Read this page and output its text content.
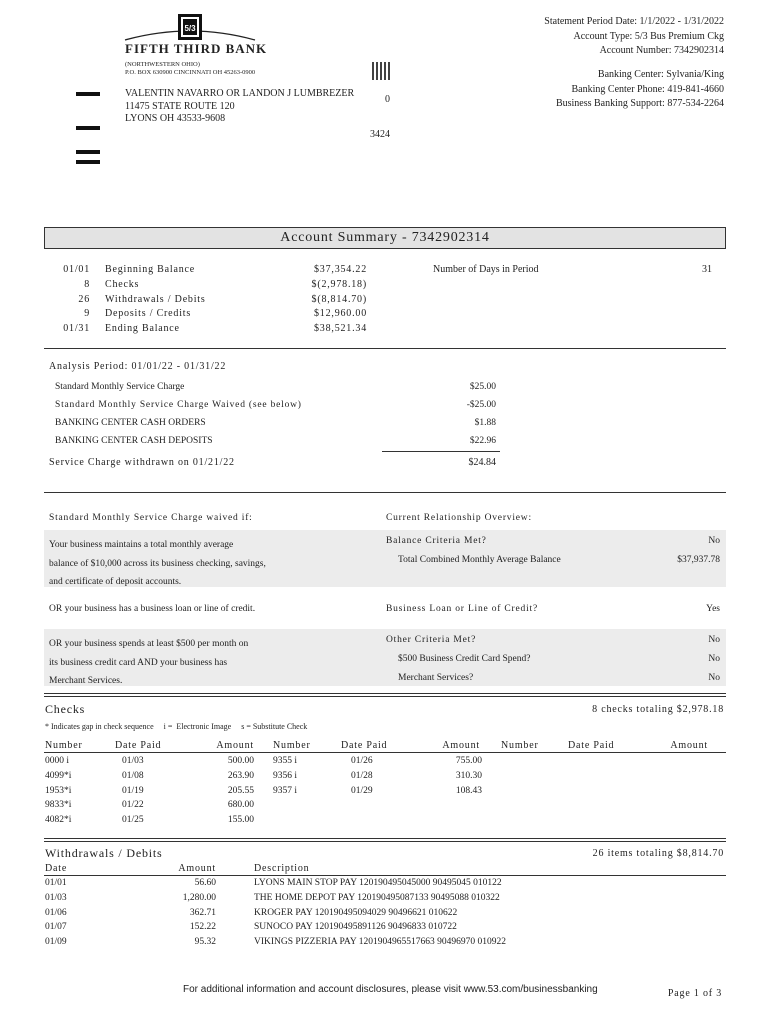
5/3
FIFTH THIRD BANK
(NORTHWESTERN OHIO)
P.O. BOX 630900 CINCINNATI OH 45263-0900
VALENTIN NAVARRO OR LANDON J LUMBREZER
11475 STATE ROUTE 120
LYONS OH 43533-9608
0
3424
Statement Period Date: 1/1/2022 - 1/31/2022
Account Type: 5/3 Bus Premium Ckg
Account Number: 7342902314
Banking Center: Sylvania/King
Banking Center Phone: 419-841-4660
Business Banking Support: 877-534-2264
Account Summary - 7342902314
01/01 Beginning Balance	$37,354.22
8 Checks	$(2,978.18)
26 Withdrawals / Debits	$(8,814.70)
9 Deposits / Credits	$12,960.00
01/31 Ending Balance	$38,521.34
Number of Days in Period	31
Analysis Period: 01/01/22 - 01/31/22
Standard Monthly Service Charge	$25.00
Standard Monthly Service Charge Waived (see below)	-$25.00
BANKING CENTER CASH ORDERS	$1.88
BANKING CENTER CASH DEPOSITS	$22.96
Service Charge withdrawn on 01/21/22	$24.84
Standard Monthly Service Charge waived if:	Current Relationship Overview:
Your business maintains a total monthly average
balance of $10,000 across its business checking, savings,
and certificate of deposit accounts.
Balance Criteria Met?	No
Total Combined Monthly Average Balance	$37,937.78
OR your business has a business loan or line of credit.	Business Loan or Line of Credit?	Yes
OR your business spends at least $500 per month on
its business credit card AND your business has
Merchant Services.
Other Criteria Met?	No
$500 Business Credit Card Spend?	No
Merchant Services?	No
Checks	8 checks totaling $2,978.18
* Indicates gap in check sequence     i =  Electronic Image     s = Substitute Check
Number	Date Paid	Amount Number	Date Paid	Amount Number	Date Paid	Amount
0000 i	01/03	500.00
4099*i	01/08	263.90
1953*i	01/19	205.55
9833*i	01/22	680.00
4082*i	01/25	155.00
9355 i	01/26	755.00
9356 i	01/28	310.30
9357 i	01/29	108.43
Withdrawals / Debits	26 items totaling $8,814.70
Date	Amount	Description
01/01	56.60	LYONS MAIN STOP PAY 120190495045000 90495045 010122
01/03	1,280.00	THE HOME DEPOT PAY 120190495087133 90495088 010322
01/06	362.71	KROGER PAY 120190495094029 90496621 010622
01/07	152.22	SUNOCO PAY 120190495891126 90496833 010722
01/09	95.32	VIKINGS PIZZERIA PAY 1201904965517663 90496970 010922
For additional information and account disclosures, please visit www.53.com/businessbanking	Page 1 of 3
